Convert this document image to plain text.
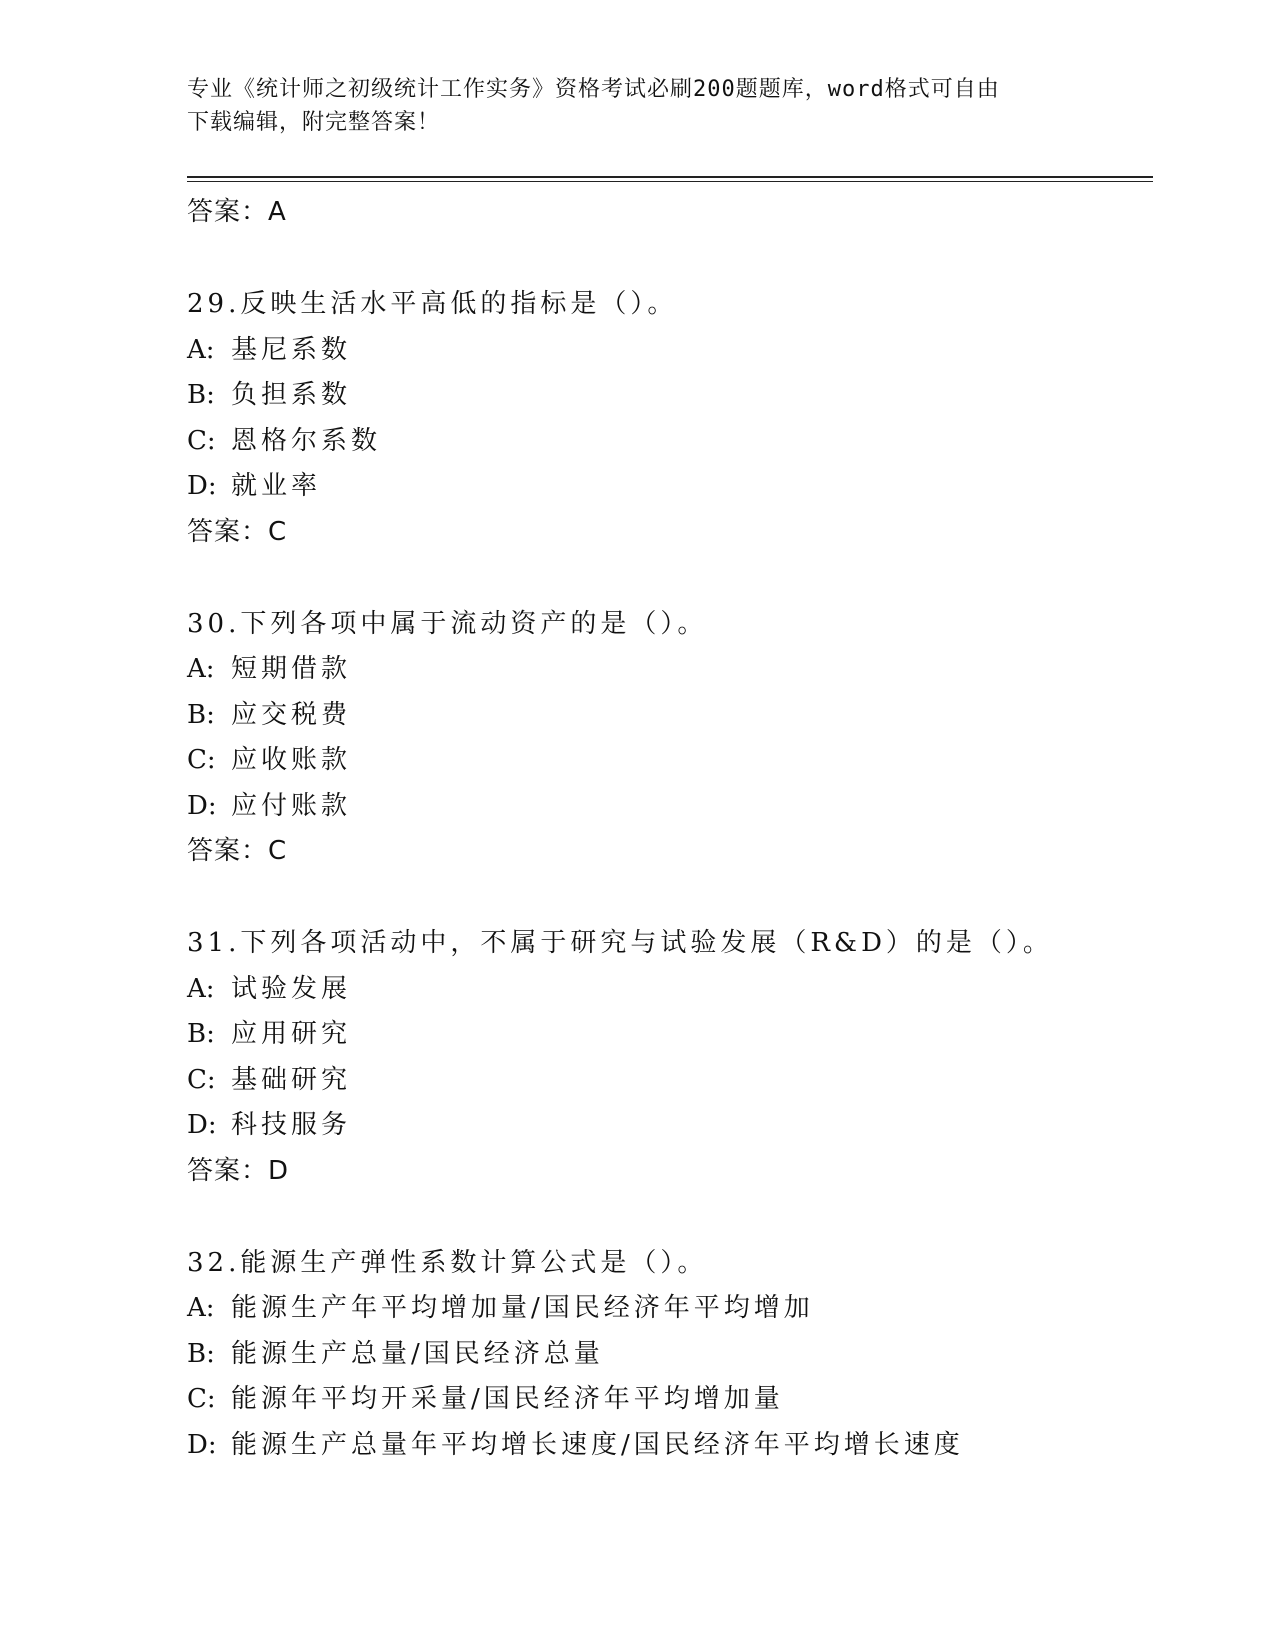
专业《统计师之初级统计工作实务》资格考试必刷200题题库，word格式可自由
下载编辑，附完整答案！
答案：A
29.反映生活水平高低的指标是（）。
A: 基尼系数
B: 负担系数
C: 恩格尔系数
D: 就业率
答案：C
30.下列各项中属于流动资产的是（）。
A: 短期借款
B: 应交税费
C: 应收账款
D: 应付账款
答案：C
31.下列各项活动中，不属于研究与试验发展（R&D）的是（）。
A: 试验发展
B: 应用研究
C: 基础研究
D: 科技服务
答案：D
32.能源生产弹性系数计算公式是（）。
A: 能源生产年平均增加量/国民经济年平均增加
B: 能源生产总量/国民经济总量
C: 能源年平均开采量/国民经济年平均增加量
D: 能源生产总量年平均增长速度/国民经济年平均增长速度
